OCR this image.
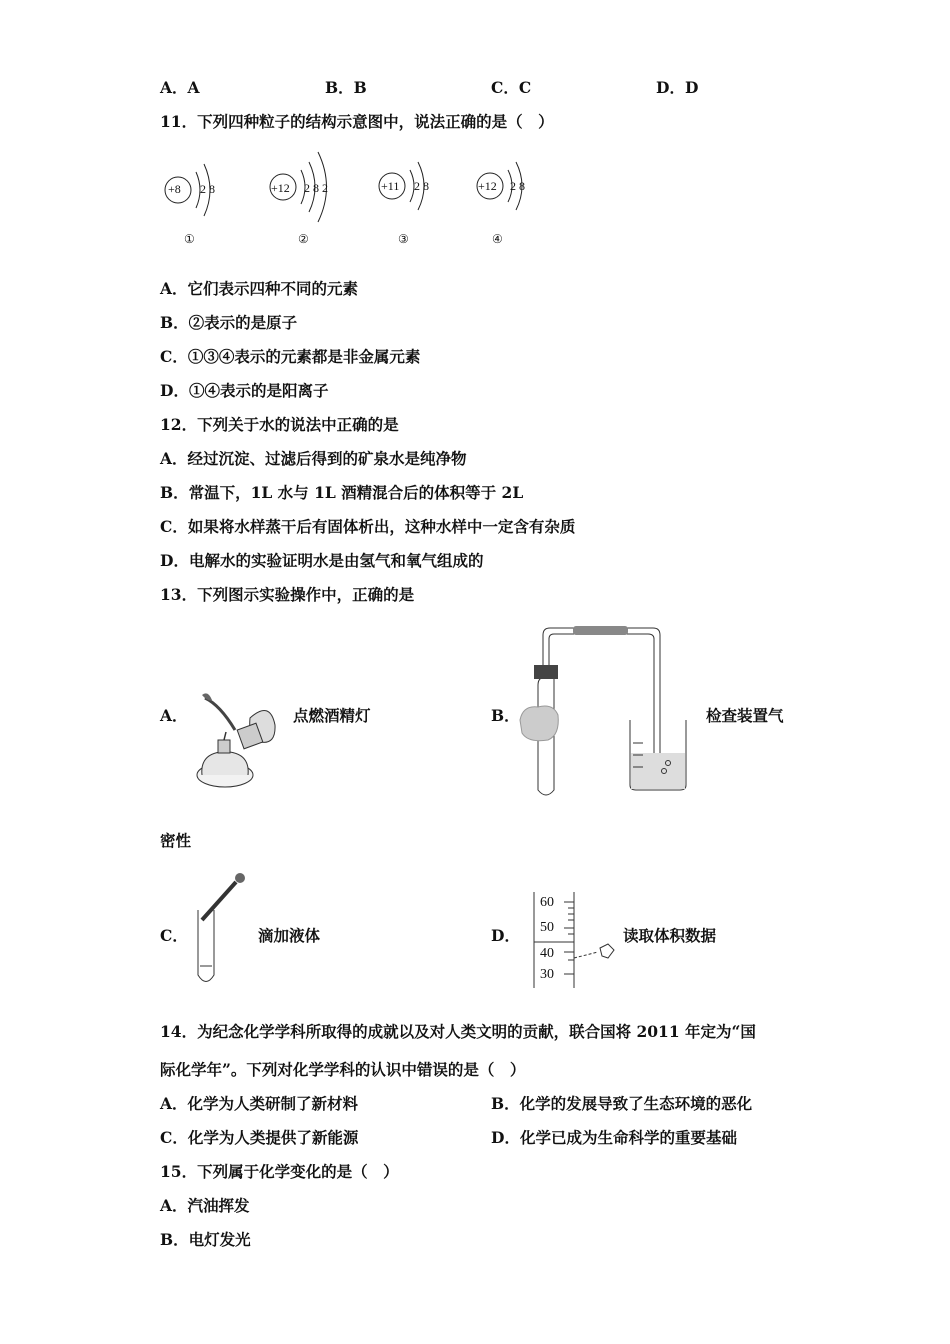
A．A	B．B	C．C	D．D
11．下列四种粒子的结构示意图中，说法正确的是（　）
+8 2 8
①
+12 2 8 2
②
+11 2 8
③
+12 2 8
④
A．它们表示四种不同的元素
B．②表示的是原子
C．①③④表示的元素都是非金属元素
D．①④表示的是阳离子
12．下列关于水的说法中正确的是
A．经过沉淀、过滤后得到的矿泉水是纯净物
B．常温下，1L 水与 1L 酒精混合后的体积等于 2L
C．如果将水样蒸干后有固体析出，这种水样中一定含有杂质
D．电解水的实验证明水是由氢气和氧气组成的
13．下列图示实验操作中，正确的是
A．	点燃酒精灯	B．	检查装置气
密性
C．	滴加液体	D．
60
50
40
30
读取体积数据
14．为纪念化学学科所取得的成就以及对人类文明的贡献，联合国将 2011 年定为“国
际化学年”。下列对化学学科的认识中错误的是（　）
A．化学为人类研制了新材料	B．化学的发展导致了生态环境的恶化
C．化学为人类提供了新能源	D．化学已成为生命科学的重要基础
15．下列属于化学变化的是（　）
A．汽油挥发
B．电灯发光
